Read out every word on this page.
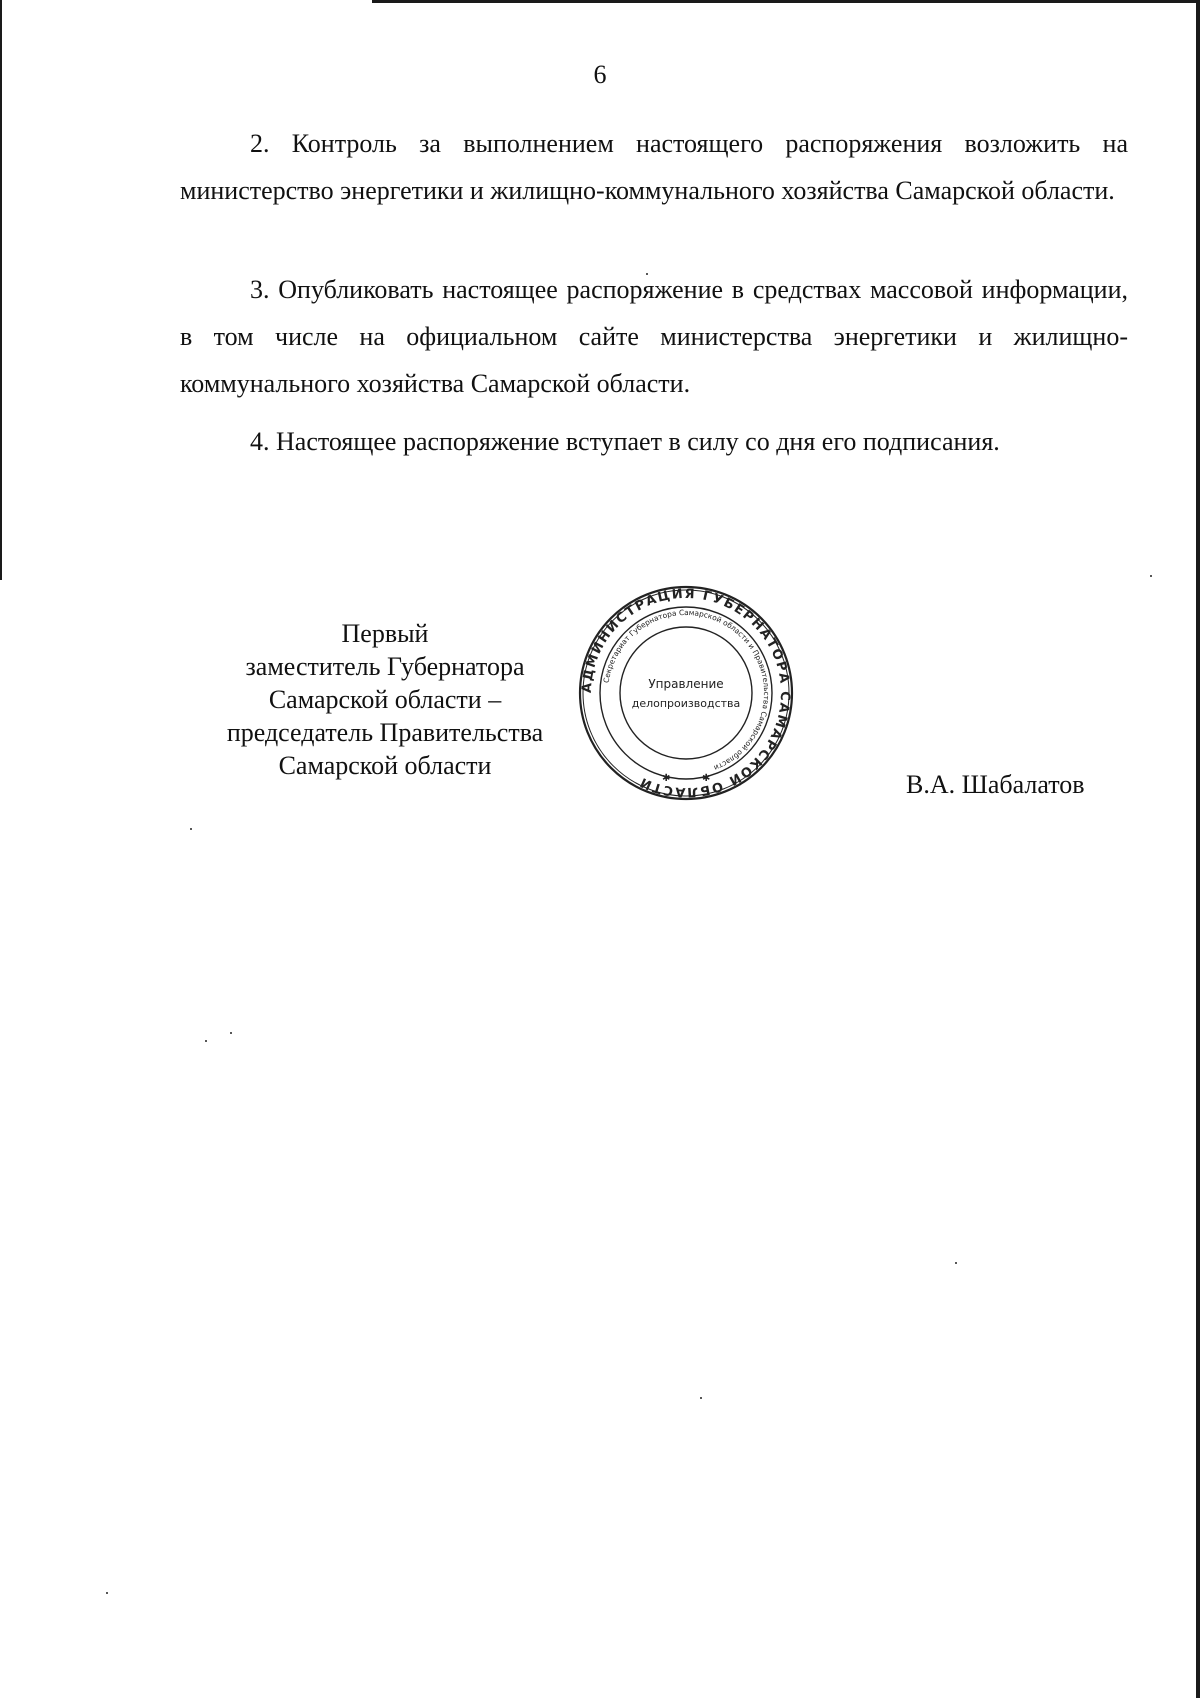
6

2. Контроль за выполнением настоящего распоряжения возложить на министерство энергетики и жилищно-коммунального хозяйства Самарской области.

3. Опубликовать настоящее распоряжение в средствах массовой информации, в том числе на официальном сайте министерства энергетики и жилищно-коммунального хозяйства Самарской области.

4. Настоящее распоряжение вступает в силу со дня его подписания.

Первый
заместитель Губернатора
Самарской области –
председатель Правительства
Самарской области
АДМИНИСТРАЦИЯ ГУБЕРНАТОРА САМАРСКОЙ ОБЛАСТИ
Секретариат Губернатора Самарской области и Правительства Самарской области
Управление
делопроизводства
✱	✱	В.А. Шабалатов
